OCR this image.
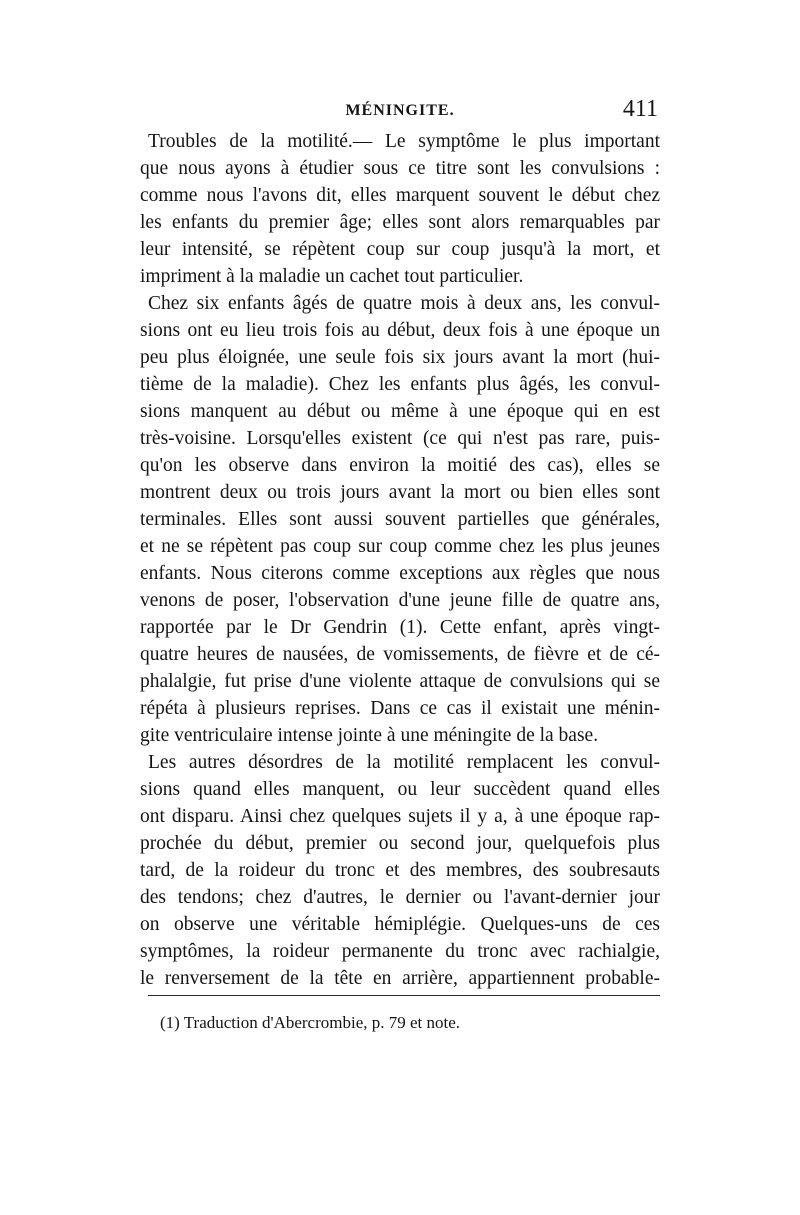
MÉNINGITE.	411
Troubles de la motilité.— Le symptôme le plus important
que nous ayons à étudier sous ce titre sont les convulsions :
comme nous l'avons dit, elles marquent souvent le début chez
les enfants du premier âge; elles sont alors remarquables par
leur intensité, se répètent coup sur coup jusqu'à la mort, et
impriment à la maladie un cachet tout particulier.
Chez six enfants âgés de quatre mois à deux ans, les convul-
sions ont eu lieu trois fois au début, deux fois à une époque un
peu plus éloignée, une seule fois six jours avant la mort (hui-
tième de la maladie). Chez les enfants plus âgés, les convul-
sions manquent au début ou même à une époque qui en est
très-voisine. Lorsqu'elles existent (ce qui n'est pas rare, puis-
qu'on les observe dans environ la moitié des cas), elles se
montrent deux ou trois jours avant la mort ou bien elles sont
terminales. Elles sont aussi souvent partielles que générales,
et ne se répètent pas coup sur coup comme chez les plus jeunes
enfants. Nous citerons comme exceptions aux règles que nous
venons de poser, l'observation d'une jeune fille de quatre ans,
rapportée par le Dr Gendrin (1). Cette enfant, après vingt-
quatre heures de nausées, de vomissements, de fièvre et de cé-
phalalgie, fut prise d'une violente attaque de convulsions qui se
répéta à plusieurs reprises. Dans ce cas il existait une ménin-
gite ventriculaire intense jointe à une méningite de la base.
Les autres désordres de la motilité remplacent les convul-
sions quand elles manquent, ou leur succèdent quand elles
ont disparu. Ainsi chez quelques sujets il y a, à une époque rap-
prochée du début, premier ou second jour, quelquefois plus
tard, de la roideur du tronc et des membres, des soubresauts
des tendons; chez d'autres, le dernier ou l'avant-dernier jour
on observe une véritable hémiplégie. Quelques-uns de ces
symptômes, la roideur permanente du tronc avec rachialgie,
le renversement de la tête en arrière, appartiennent probable-
(1) Traduction d'Abercrombie, p. 79 et note.
